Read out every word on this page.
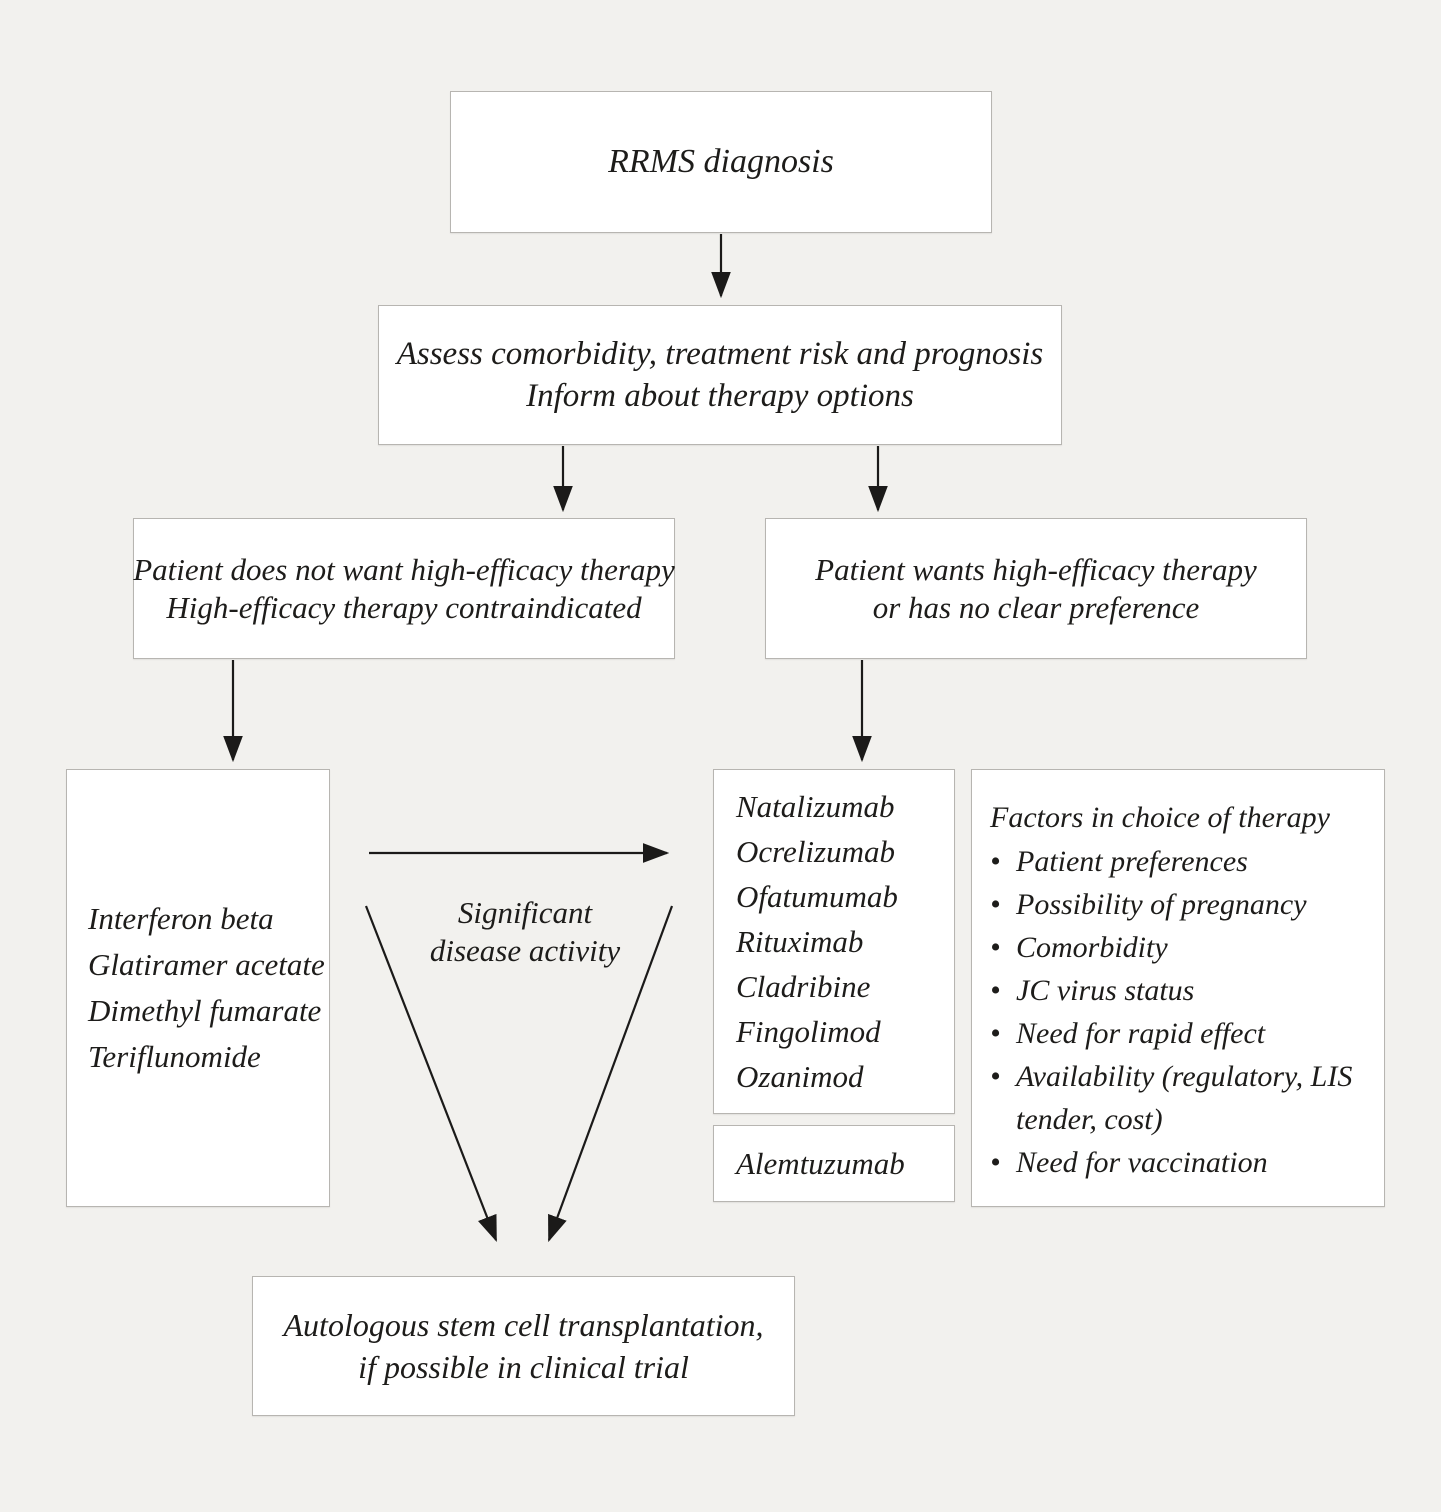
RRMS diagnosis
Assess comorbidity, treatment risk and prognosis
Inform about therapy options
Patient does not want high-efficacy therapy
High-efficacy therapy contraindicated
Patient wants high-efficacy therapy
or has no clear preference
Interferon beta
Glatiramer acetate
Dimethyl fumarate
Teriflunomide
Natalizumab
Ocrelizumab
Ofatumumab
Rituximab
Cladribine
Fingolimod
Ozanimod
Alemtuzumab
Factors in choice of therapy
• Patient preferences
• Possibility of pregnancy
• Comorbidity
• JC virus status
• Need for rapid effect
• Availability (regulatory, LIS tender, cost)
• Need for vaccination
Autologous stem cell transplantation,
if possible in clinical trial
Significant
disease activity
